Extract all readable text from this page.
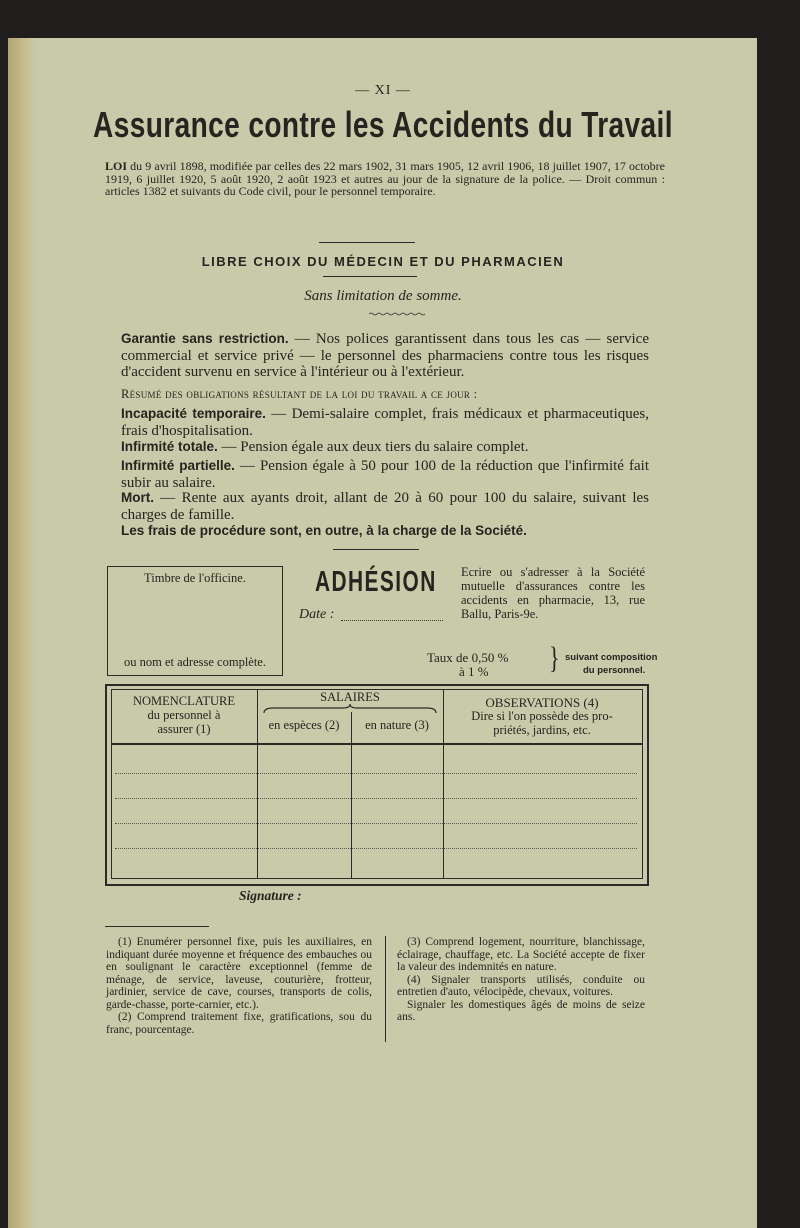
— XI —
Assurance contre les Accidents du Travail
LOI du 9 avril 1898, modifiée par celles des 22 mars 1902, 31 mars 1905, 12 avril 1906, 18 juillet 1907, 17 octobre 1919, 6 juillet 1920, 5 août 1920, 2 août 1923 et autres au jour de la signature de la police. — Droit commun : articles 1382 et suivants du Code civil, pour le personnel temporaire.
LIBRE CHOIX DU MÉDECIN ET DU PHARMACIEN
Sans limitation de somme.
Garantie sans restriction. — Nos polices garantissent dans tous les cas — service commercial et service privé — le personnel des pharmaciens contre tous les risques d'accident survenu en service à l'intérieur ou à l'extérieur.
Résumé des obligations résultant de la loi du travail a ce jour :
Incapacité temporaire. — Demi-salaire complet, frais médicaux et pharmaceutiques, frais d'hospitalisation.
Infirmité totale. — Pension égale aux deux tiers du salaire complet.
Infirmité partielle. — Pension égale à 50 pour 100 de la réduction que l'infirmité fait subir au salaire.
Mort. — Rente aux ayants droit, allant de 20 à 60 pour 100 du salaire, suivant les charges de famille.
Les frais de procédure sont, en outre, à la charge de la Société.
Timbre de l'officine.
ou nom et adresse complète.
ADHÉSION
Date :
Ecrire ou s'adresser à la Société mutuelle d'assurances contre les accidents en pharmacie, 13, rue Ballu, Paris-9e.
Taux de 0,50 %
à 1 %	} suivant composition
du personnel.
NOMENCLATURE
du personnel à
assurer (1)
SALAIRES
en espèces (2)	en nature (3)
OBSERVATIONS (4)
Dire si l'on possède des pro-
priétés, jardins, etc.
Signature :
(1) Enumérer personnel fixe, puis les auxiliaires, en indiquant durée moyenne et fréquence des embauches ou en soulignant le caractère exceptionnel (femme de ménage, de service, laveuse, couturière, frotteur, jardinier, service de cave, courses, transports de colis, garde-chasse, porte-carnier, etc.).
(2) Comprend traitement fixe, gratifications, sou du franc, pourcentage.
(3) Comprend logement, nourriture, blanchissage, éclairage, chauffage, etc. La Société accepte de fixer la valeur des indemnités en nature.
(4) Signaler transports utilisés, conduite ou entretien d'auto, vélocipède, chevaux, voitures.
Signaler les domestiques âgés de moins de seize ans.
